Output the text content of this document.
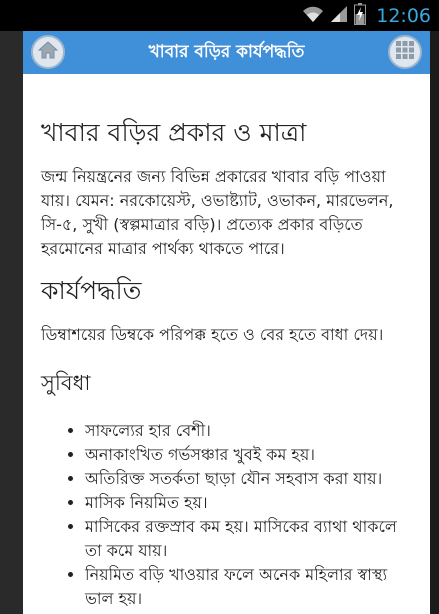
12:06
খাবার বড়ির কার্যপদ্ধতি
খাবার বড়ির প্রকার ও মাত্রা

জন্ম নিয়ন্ত্রনের জন্য বিভিন্ন প্রকারের খাবার বড়ি পাওয়া যায়। যেমন: নরকোয়েস্ট, ওভাষ্ট্যাট, ওভাকন, মারভেলন, সি-৫, সুখী (স্বল্পমাত্রার বড়ি)। প্রত্যেক প্রকার বড়িতে হরমোনের মাত্রার পার্থক্য থাকতে পারে।

কার্যপদ্ধতি

ডিম্বাশয়ের ডিম্বকে পরিপক্ক হতে ও বের হতে বাধা দেয়।

সুবিধা
• সাফল্যের হার বেশী।
• অনাকাংখিত গর্ভসঞ্চার খুবই কম হয়।
• অতিরিক্ত সতর্কতা ছাড়া যৌন সহবাস করা যায়।
• মাসিক নিয়মিত হয়।
• মাসিকের রক্তস্রাব কম হয়। মাসিকের ব্যাথা থাকলে তা কমে যায়।
• নিয়মিত বড়ি খাওয়ার ফলে অনেক মহিলার স্বাস্থ্য ভাল হয়।
